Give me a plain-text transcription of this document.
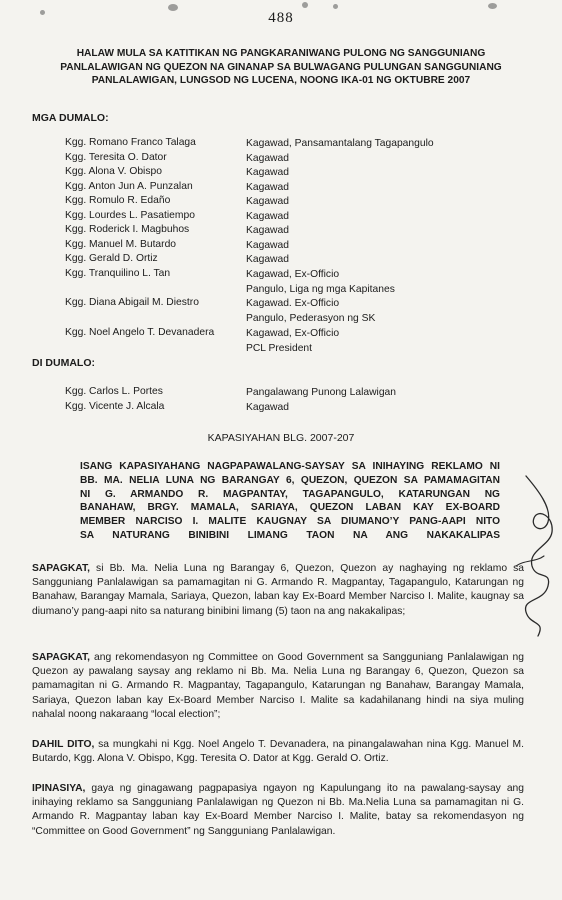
488
HALAW MULA SA KATITIKAN NG PANGKARANIWANG PULONG NG SANGGUNIANG
PANLALAWIGAN NG QUEZON NA GINANAP SA BULWAGANG PULUNGAN SANGGUNIANG
PANLALAWIGAN, LUNGSOD NG LUCENA, NOONG IKA-01 NG OKTUBRE 2007
MGA DUMALO:
Kgg. Romano Franco Talaga	Kagawad, Pansamantalang Tagapangulo
Kgg. Teresita O. Dator	Kagawad
Kgg. Alona V. Obispo	Kagawad
Kgg. Anton Jun A. Punzalan	Kagawad
Kgg. Romulo R. Edaño	Kagawad
Kgg. Lourdes L. Pasatiempo	Kagawad
Kgg. Roderick I. Magbuhos	Kagawad
Kgg. Manuel M. Butardo	Kagawad
Kgg. Gerald D. Ortiz	Kagawad
Kgg. Tranquilino L. Tan	Kagawad, Ex-Officio
Pangulo, Liga ng mga Kapitanes
Kgg. Diana Abigail M. Diestro	Kagawad. Ex-Officio
Pangulo, Pederasyon ng SK
Kgg. Noel Angelo T. Devanadera	Kagawad, Ex-Officio
PCL President
DI DUMALO:
Kgg. Carlos L. Portes	Pangalawang Punong Lalawigan
Kgg. Vicente J. Alcala	Kagawad
KAPASIYAHAN BLG. 2007-207
ISANG KAPASIYAHANG NAGPAPAWALANG-SAYSAY SA INIHAYING REKLAMO NI
BB. MA. NELIA LUNA NG BARANGAY 6, QUEZON, QUEZON SA PAMAMAGITAN
NI G. ARMANDO R. MAGPANTAY, TAGAPANGULO, KATARUNGAN NG
BANAHAW, BRGY. MAMALA, SARIAYA, QUEZON LABAN KAY EX-BOARD
MEMBER NARCISO I. MALITE KAUGNAY SA DIUMANO’Y PANG-AAPI NITO
SA NATURANG BINIBINI LIMANG TAON NA ANG NAKAKALIPAS
SAPAGKAT, si Bb. Ma. Nelia Luna ng Barangay 6, Quezon, Quezon ay naghaying ng reklamo sa Sangguniang Panlalawigan sa pamamagitan ni G. Armando R. Magpantay, Tagapangulo, Katarungan ng Banahaw, Barangay Mamala, Sariaya, Quezon, laban kay Ex-Board Member Narciso I. Malite, kaugnay sa diumano’y pang-aapi nito sa naturang binibini limang (5) taon na ang nakakalipas;
SAPAGKAT, ang rekomendasyon ng Committee on Good Government sa Sangguniang Panlalawigan ng Quezon ay pawalang saysay ang reklamo ni Bb. Ma. Nelia Luna ng Barangay 6, Quezon, Quezon sa pamamagitan ni G. Armando R. Magpantay, Tagapangulo, Katarungan ng Banahaw, Barangay Mamala, Sariaya, Quezon laban kay Ex-Board Member Narciso I. Malite sa kadahilanang hindi na siya muling nahalal noong nakaraang “local election”;
DAHIL DITO, sa mungkahi ni Kgg. Noel Angelo T. Devanadera, na pinangalawahan nina Kgg. Manuel M. Butardo, Kgg. Alona V. Obispo, Kgg. Teresita O. Dator at Kgg. Gerald O. Ortiz.
IPINASIYA, gaya ng ginagawang pagpapasiya ngayon ng Kapulungang ito na pawalang-saysay ang inihaying reklamo sa Sangguniang Panlalawigan ng Quezon ni Bb. Ma.Nelia Luna sa pamamagitan ni G. Armando R. Magpantay laban kay Ex-Board Member Narciso I. Malite, batay sa rekomendasyon ng “Committee on Good Government” ng Sangguniang Panlalawigan.
